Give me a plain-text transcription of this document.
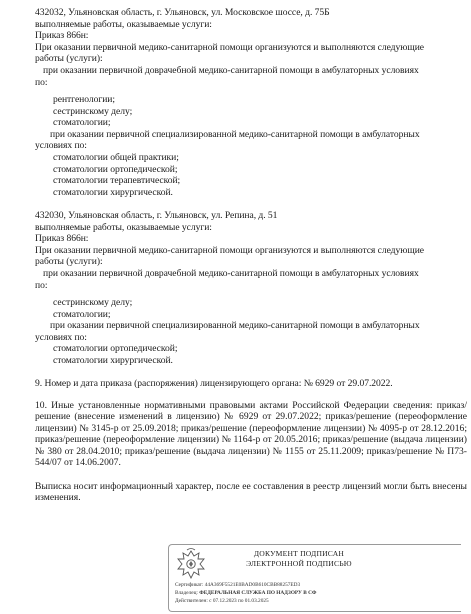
432032, Ульяновская область, г. Ульяновск, ул. Московское шоссе, д. 75Б
выполняемые работы, оказываемые услуги:
Приказ 866н:
При оказании первичной медико-санитарной помощи организуются и выполняются следующие
работы (услуги):
при оказании первичной доврачебной медико-санитарной помощи в амбулаторных условиях
по:
рентгенологии;
сестринскому делу;
стоматологии;
при оказании первичной специализированной медико-санитарной помощи в амбулаторных
условиях по:
стоматологии общей практики;
стоматологии ортопедической;
стоматологии терапевтической;
стоматологии хирургической.
432030, Ульяновская область, г. Ульяновск, ул. Репина, д. 51
выполняемые работы, оказываемые услуги:
Приказ 866н:
При оказании первичной медико-санитарной помощи организуются и выполняются следующие
работы (услуги):
при оказании первичной доврачебной медико-санитарной помощи в амбулаторных условиях
по:
сестринскому делу;
стоматологии;
при оказании первичной специализированной медико-санитарной помощи в амбулаторных
условиях по:
стоматологии ортопедической;
стоматологии хирургической.
9. Номер и дата приказа (распоряжения) лицензирующего органа: № 6929 от 29.07.2022.
10. Иные установленные нормативными правовыми актами Российской Федерации сведения: приказ/решение (внесение изменений в лицензию) № 6929 от 29.07.2022; приказ/решение (переоформление лицензии) № 3145-р от 25.09.2018; приказ/решение (переоформление лицензии) № 4095-р от 28.12.2016; приказ/решение (переоформление лицензии) № 1164-р от 20.05.2016; приказ/решение (выдача лицензии) № 380 от 28.04.2010; приказ/решение (выдача лицензии) № 1155 от 25.11.2009; приказ/решение № П73-544/07 от 14.06.2007.
Выписка носит информационный характер, после ее составления в реестр лицензий могли быть внесены изменения.
ДОКУМЕНТ ПОДПИСАН
ЭЛЕКТРОННОЙ ПОДПИСЬЮ
Сертификат: 44A369F5521E0BAD0B610CBB88257ED3
Владелец: ФЕДЕРАЛЬНАЯ СЛУЖБА ПО НАДЗОРУ В СФ
Действителен: с 07.12.2023 по 01.03.2025
